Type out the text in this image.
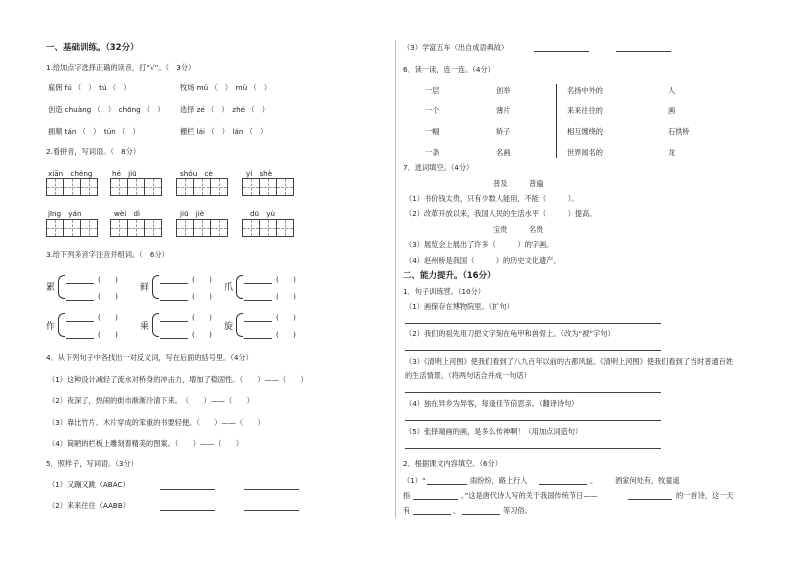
一、基础训练。（32分）
1.给加点字选择正确的读音，打“√”。（　3分）
雇佣 fú （　）　tú （　）	牧场 mǔ （　）　mù （　）
创造 chuàng （　）　chōng （　） 选择 zé （　）　zhé （　）
拥顺 tán （　）　tún （　）	栅栏 lái （　）　lán （　）
2.看拼音，写词语。（　8分）
xiān　chéng	hé　jiū	shǒu　cè	yí　shè
jīng　yán	wèi　dì	jiū　jiè	dū　yù
3.给下列多音字注音并组词。（　6分）
累
(　　)
(　　)
鲜
(　　)
(　　)
爪
(　　)
(　　)
作
(　　)
(　　)
乘
(　　)
(　　)
旋
(　　)
(　　)
4．从下列句子中各找出一对反义词，写在后面的括号里。（4分）
（1）这种设计减轻了流水对桥身的冲击力，增加了稳固性。（　　）——（　　）
（2）夜深了，热闹的街市渐渐冷清下来。　（　　）——（　　）
（3）靠比竹片、木片穿成的笨重的书要轻便。（　　）——（　　）
（4）简陋的栏板上雕刻着精美的图案。（　　）——（　　）
5．照样子，写词语。（3分）
（1）又蹦又跳（ABAC）
（2）来来往往（AABB）
（3）学富五车（出自成语典故）
6．读一读，连一连。（4分）
一层
一个
一幅
一条
创举
薄片
矫子
名画
名扬中外的
来来往往的
相互缠绕的
世界闻名的
人
画
石拱桥
龙
7．选词填空。（4分）
普及　　　普遍
（1）书价钱太贵，只有少数人能用，不能（　　　）。
（2）改革开放以来，我国人民的生活水平（　　　）提高。
宝贵　　　名贵
（3）展览会上展出了许多（　　　）的字画。
（4）赵州桥是我国（　　　）的历史文化遗产。
二、能力提升。（16分）
1．句子训练营。（10分）
（1）画保存在博物院里。（扩句）
（2）我们的祖先用刀把文字刻在龟甲和兽骨上。（改为“被”字句）
（3）《清明上河图》使我们看到了八九百年以前的古都风貌。《清明上河图》使我们看到了当时普通百姓
的生活情景。（将两句话合并成一句话）
（4）独在异乡为异客，每逢佳节倍思亲。（翻译诗句）
（5）张择端画的画，是多么传神啊！（用加点词造句）
2．根据课文内容填空。（6分）
（1）“	雨纷纷，路上行人	。 酒家何处有，牧童遥
指	。”这是唐代诗人写的关于我国传统节日——	的一首诗，这一天
有	、	等习俗。
